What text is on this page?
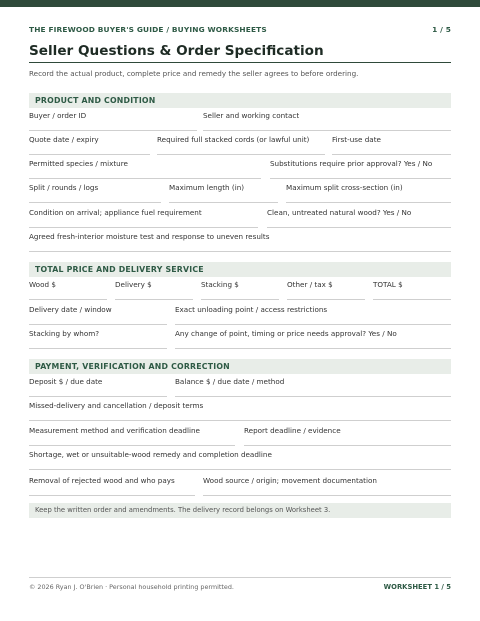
THE FIREWOOD BUYER'S GUIDE / BUYING WORKSHEETS	1 / 5
Seller Questions & Order Specification
Record the actual product, complete price and remedy the seller agrees to before ordering.
PRODUCT AND CONDITION
Buyer / order ID	Seller and working contact
Quote date / expiry	Required full stacked cords (or lawful unit)	First-use date
Permitted species / mixture	Substitutions require prior approval? Yes / No
Split / rounds / logs	Maximum length (in)	Maximum split cross-section (in)
Condition on arrival; appliance fuel requirement	Clean, untreated natural wood? Yes / No
Agreed fresh-interior moisture test and response to uneven results
TOTAL PRICE AND DELIVERY SERVICE
Wood $	Delivery $	Stacking $	Other / tax $	TOTAL $
Delivery date / window	Exact unloading point / access restrictions
Stacking by whom?	Any change of point, timing or price needs approval? Yes / No
PAYMENT, VERIFICATION AND CORRECTION
Deposit $ / due date	Balance $ / due date / method
Missed-delivery and cancellation / deposit terms
Measurement method and verification deadline	Report deadline / evidence
Shortage, wet or unsuitable-wood remedy and completion deadline
Removal of rejected wood and who pays	Wood source / origin; movement documentation
Keep the written order and amendments. The delivery record belongs on Worksheet 3.
© 2026 Ryan J. O'Brien · Personal household printing permitted.	WORKSHEET 1 / 5
